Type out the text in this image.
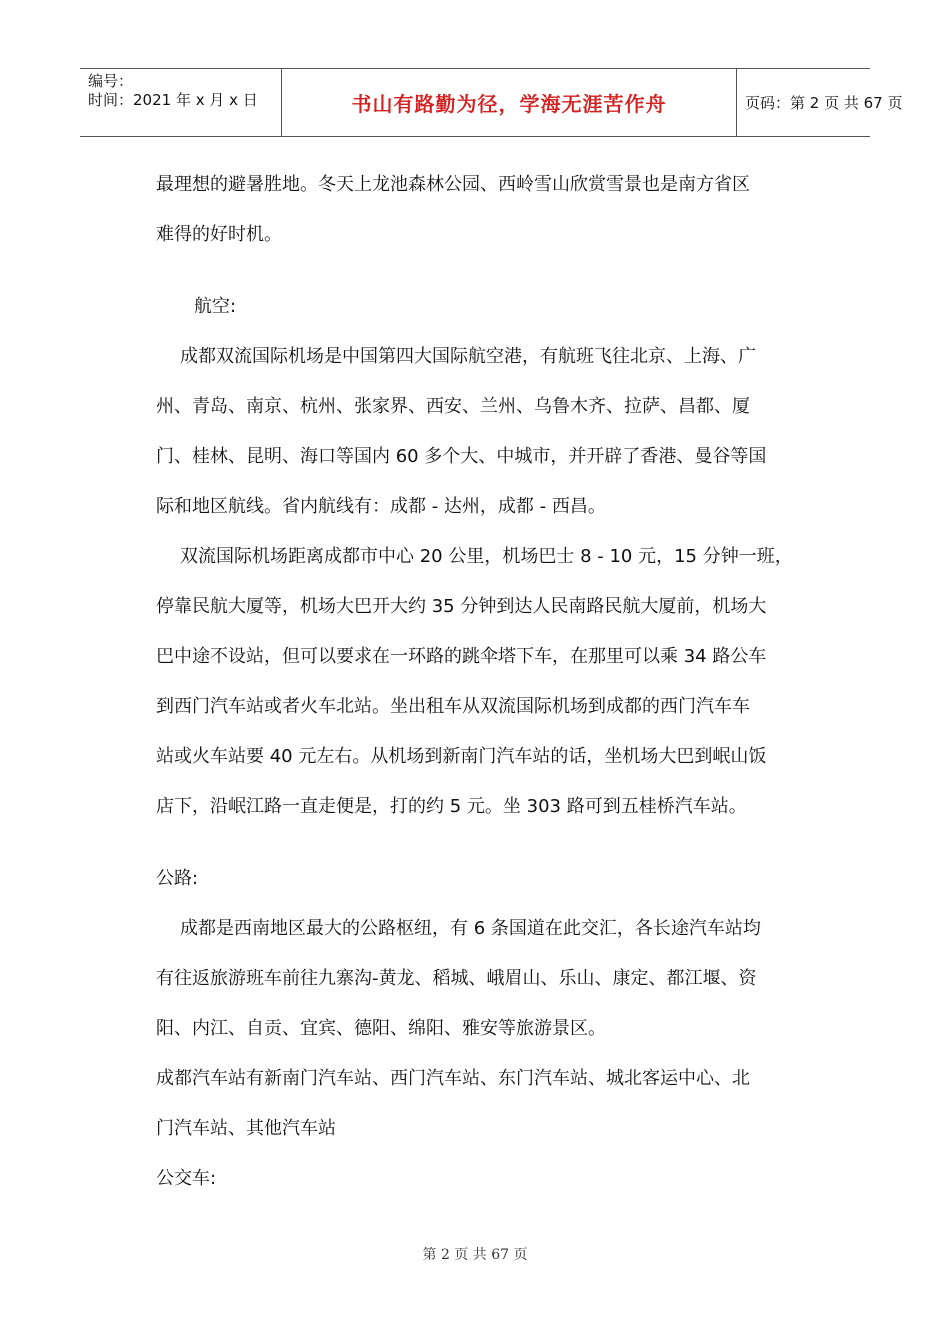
编号：
时间：2021 年 x 月 x 日	书山有路勤为径，学海无涯苦作舟	页码：第 2 页 共 67 页
最理想的避暑胜地。冬天上龙池森林公园、西岭雪山欣赏雪景也是南方省区
难得的好时机。
航空:
成都双流国际机场是中国第四大国际航空港，有航班飞往北京、上海、广
州、青岛、南京、杭州、张家界、西安、兰州、乌鲁木齐、拉萨、昌都、厦
门、桂林、昆明、海口等国内 60 多个大、中城市，并开辟了香港、曼谷等国
际和地区航线。省内航线有：成都 - 达州，成都 - 西昌。
双流国际机场距离成都市中心 20 公里，机场巴士 8 - 10 元，15 分钟一班，
停靠民航大厦等，机场大巴开大约 35 分钟到达人民南路民航大厦前，机场大
巴中途不设站，但可以要求在一环路的跳伞塔下车，在那里可以乘 34 路公车
到西门汽车站或者火车北站。坐出租车从双流国际机场到成都的西门汽车车
站或火车站要 40 元左右。从机场到新南门汽车站的话，坐机场大巴到岷山饭
店下，沿岷江路一直走便是，打的约 5 元。坐 303 路可到五桂桥汽车站。
公路:
成都是西南地区最大的公路枢纽，有 6 条国道在此交汇，各长途汽车站均
有往返旅游班车前往九寨沟-黄龙、稻城、峨眉山、乐山、康定、都江堰、资
阳、内江、自贡、宜宾、德阳、绵阳、雅安等旅游景区。
成都汽车站有新南门汽车站、西门汽车站、东门汽车站、城北客运中心、北
门汽车站、其他汽车站
公交车:
第 2 页 共 67 页
